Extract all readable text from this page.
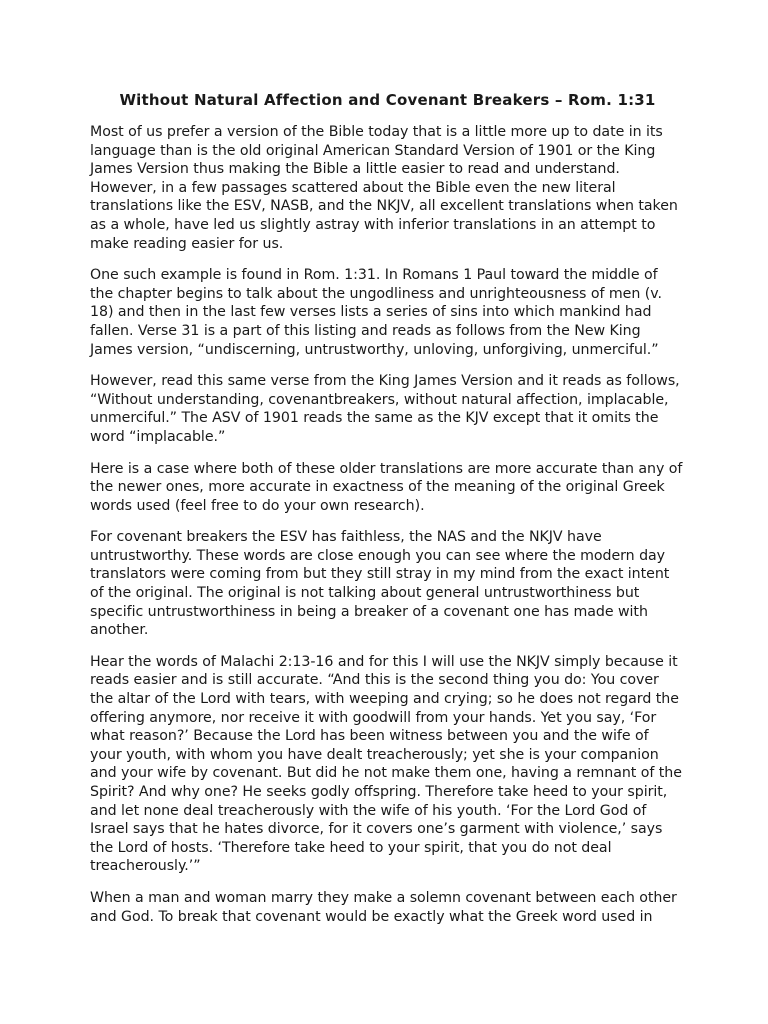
Without Natural Affection and Covenant Breakers – Rom. 1:31

Most of us prefer a version of the Bible today that is a little more up to date in its language than is the old original American Standard Version of 1901 or the King James Version thus making the Bible a little easier to read and understand. However, in a few passages scattered about the Bible even the new literal translations like the ESV, NASB, and the NKJV, all excellent translations when taken as a whole, have led us slightly astray with inferior translations in an attempt to make reading easier for us.

One such example is found in Rom. 1:31. In Romans 1 Paul toward the middle of the chapter begins to talk about the ungodliness and unrighteousness of men (v. 18) and then in the last few verses lists a series of sins into which mankind had fallen. Verse 31 is a part of this listing and reads as follows from the New King James version, “undiscerning, untrustworthy, unloving, unforgiving, unmerciful.”

However, read this same verse from the King James Version and it reads as follows, “Without understanding, covenantbreakers, without natural affection, implacable, unmerciful.” The ASV of 1901 reads the same as the KJV except that it omits the word “implacable.”

Here is a case where both of these older translations are more accurate than any of the newer ones, more accurate in exactness of the meaning of the original Greek words used (feel free to do your own research).

For covenant breakers the ESV has faithless, the NAS and the NKJV have untrustworthy. These words are close enough you can see where the modern day translators were coming from but they still stray in my mind from the exact intent of the original. The original is not talking about general untrustworthiness but specific untrustworthiness in being a breaker of a covenant one has made with another.

Hear the words of Malachi 2:13-16 and for this I will use the NKJV simply because it reads easier and is still accurate. “And this is the second thing you do: You cover the altar of the Lord with tears, with weeping and crying; so he does not regard the offering anymore, nor receive it with goodwill from your hands. Yet you say, ‘For what reason?’ Because the Lord has been witness between you and the wife of your youth, with whom you have dealt treacherously; yet she is your companion and your wife by covenant. But did he not make them one, having a remnant of the Spirit? And why one? He seeks godly offspring. Therefore take heed to your spirit, and let none deal treacherously with the wife of his youth. ‘For the Lord God of Israel says that he hates divorce, for it covers one’s garment with violence,’ says the Lord of hosts. ‘Therefore take heed to your spirit, that you do not deal treacherously.’”

When a man and woman marry they make a solemn covenant between each other and God. To break that covenant would be exactly what the Greek word used in
